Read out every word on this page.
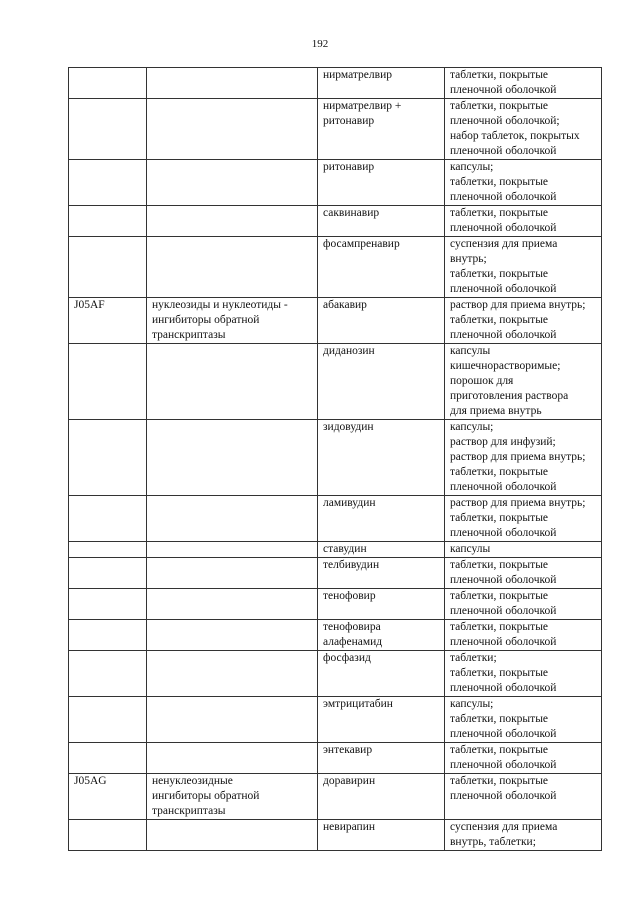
192

		нирматрелвир	таблетки, покрытые
пленочной оболочкой

		нирматрелвир +
ритонавир	таблетки, покрытые
пленочной оболочкой;
набор таблеток, покрытых
пленочной оболочкой

		ритонавир	капсулы;
таблетки, покрытые
пленочной оболочкой

		саквинавир	таблетки, покрытые
пленочной оболочкой

		фосампренавир	суспензия для приема
внутрь;
таблетки, покрытые
пленочной оболочкой

J05AF	нуклеозиды и нуклеотиды -
ингибиторы обратной
транскриптазы	абакавир	раствор для приема внутрь;
таблетки, покрытые
пленочной оболочкой

		диданозин	капсулы
кишечнорастворимые;
порошок для
приготовления раствора
для приема внутрь

		зидовудин	капсулы;
раствор для инфузий;
раствор для приема внутрь;
таблетки, покрытые
пленочной оболочкой

		ламивудин	раствор для приема внутрь;
таблетки, покрытые
пленочной оболочкой

		ставудин	капсулы

		телбивудин	таблетки, покрытые
пленочной оболочкой

		тенофовир	таблетки, покрытые
пленочной оболочкой

		тенофовира
алафенамид	таблетки, покрытые
пленочной оболочкой

		фосфазид	таблетки;
таблетки, покрытые
пленочной оболочкой

		эмтрицитабин	капсулы;
таблетки, покрытые
пленочной оболочкой

		энтекавир	таблетки, покрытые
пленочной оболочкой

J05AG	ненуклеозидные
ингибиторы обратной
транскриптазы	доравирин	таблетки, покрытые
пленочной оболочкой

		невирапин	суспензия для приема
внутрь, таблетки;
